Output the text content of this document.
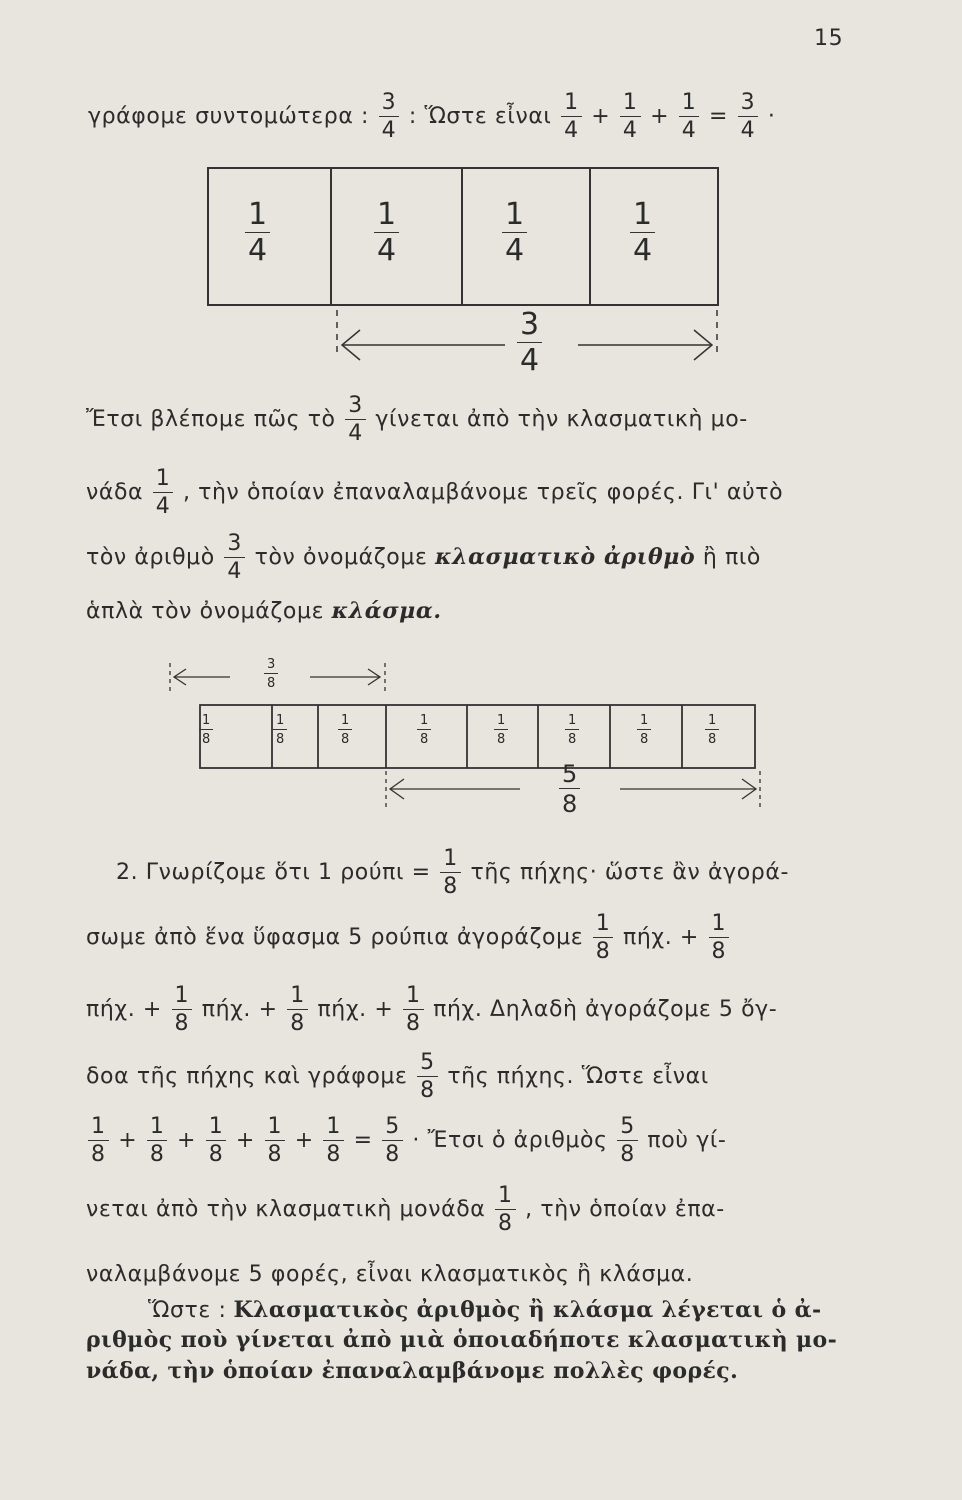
15
γράφομε συντομώτερα : $\frac{3}{4}$ : Ὥστε εἶναι $\frac{1}{4} + \frac{1}{4} + \frac{1}{4} = \frac{3}{4}$ ·
$\frac{1}{4}$	$\frac{1}{4}$	$\frac{1}{4}$	$\frac{1}{4}$
$\frac{3}{4}$
Ἔτσι βλέπομε πῶς τὸ $\frac{3}{4}$ γίνεται ἀπὸ τὴν κλασματικὴ μο-
νάδα $\frac{1}{4}$ , τὴν ὁποίαν ἐπαναλαμβάνομε τρεῖς φορές. Γι' αὐτὸ
τὸν ἀριθμὸ $\frac{3}{4}$ τὸν ὀνομάζομε κλασματικὸ ἀριθμὸ ἢ πιὸ
ἁπλὰ τὸν ὀνομάζομε κλάσμα.
$\frac{3}{8}$
$\frac{1}{8}$	$\frac{1}{8}$	$\frac{1}{8}$	$\frac{1}{8}$	$\frac{1}{8}$	$\frac{1}{8}$	$\frac{1}{8}$	$\frac{1}{8}$
$\frac{5}{8}$
2. Γνωρίζομε ὅτι 1 $\rho oύ\pi\iota = \frac{1}{8}$ τῆς πήχης· ὥστε ἂν ἀγορά-
σωμε ἀπὸ ἕνα ὕφασμα 5 ρούπια ἀγοράζομε $\frac{1}{8} \pi ή\chi$. + $\frac{1}{8}$
πήχ. + $\frac{1}{8} \pi ή\chi$. + $\frac{1}{8} \pi ή\chi$. + $\frac{1}{8} \pi ή\chi$. Δηλαδὴ ἀγοράζομε 5 ὄγ-
δοα τῆς πήχης καὶ γράφομε $\frac{5}{8}$ τῆς πήχης. Ὥστε εἶναι
$\frac{1}{8} + \frac{1}{8} + \frac{1}{8} + \frac{1}{8} + \frac{1}{8} = \frac{5}{8}$ · Ἔτσι ὁ ἀριθμὸς $\frac{5}{8}$ ποὺ γί-
νεται ἀπὸ τὴν κλασματικὴ μονάδα $\frac{1}{8}$ , τὴν ὁποίαν ἐπα-
ναλαμβάνομε 5 φορές, εἶναι κλασματικὸς ἢ κλάσμα.
Ὥστε : Κλασματικὸς ἀριθμὸς ἢ κλάσμα λέγεται ὁ ἀ-
ριθμὸς ποὺ γίνεται ἀπὸ μιὰ ὁποιαδήποτε κλασματικὴ μο-
νάδα, τὴν ὁποίαν ἐπαναλαμβάνομε πολλὲς φορές.
